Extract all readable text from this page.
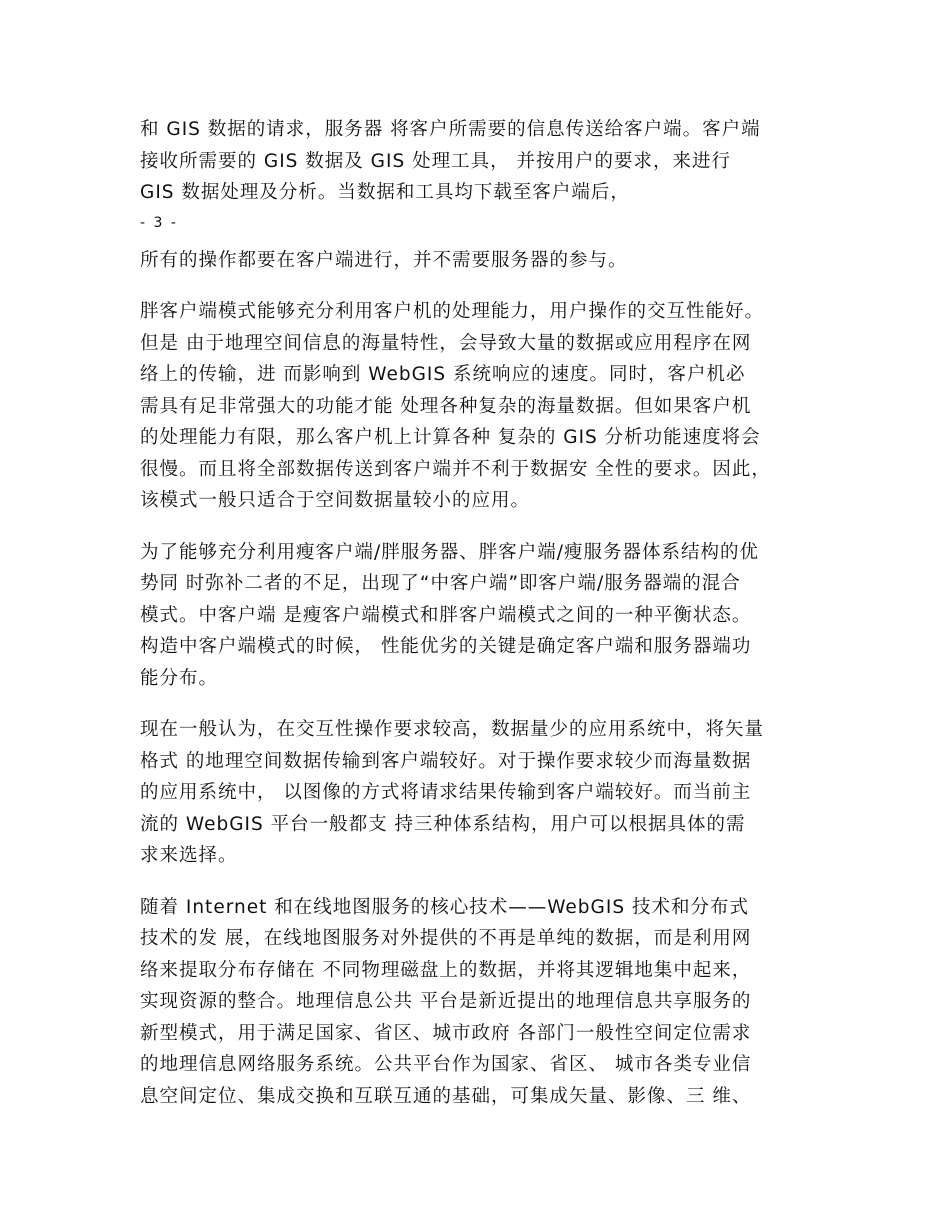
和 GIS 数据的请求，服务器 将客户所需要的信息传送给客户端。客户端
接收所需要的 GIS 数据及 GIS 处理工具， 并按用户的要求，来进行
GIS 数据处理及分析。当数据和工具均下载至客户端后，

- 3 -

所有的操作都要在客户端进行，并不需要服务器的参与。

胖客户端模式能够充分利用客户机的处理能力，用户操作的交互性能好。
但是 由于地理空间信息的海量特性，会导致大量的数据或应用程序在网
络上的传输，进 而影响到 WebGIS 系统响应的速度。同时，客户机必
需具有足非常强大的功能才能 处理各种复杂的海量数据。但如果客户机
的处理能力有限，那么客户机上计算各种 复杂的 GIS 分析功能速度将会
很慢。而且将全部数据传送到客户端并不利于数据安 全性的要求。因此，
该模式一般只适合于空间数据量较小的应用。

为了能够充分利用瘦客户端/胖服务器、胖客户端/瘦服务器体系结构的优
势同 时弥补二者的不足，出现了“中客户端”即客户端/服务器端的混合
模式。中客户端 是瘦客户端模式和胖客户端模式之间的一种平衡状态。
构造中客户端模式的时候， 性能优劣的关键是确定客户端和服务器端功
能分布。

现在一般认为，在交互性操作要求较高，数据量少的应用系统中，将矢量
格式 的地理空间数据传输到客户端较好。对于操作要求较少而海量数据
的应用系统中， 以图像的方式将请求结果传输到客户端较好。而当前主
流的 WebGIS 平台一般都支 持三种体系结构，用户可以根据具体的需
求来选择。

随着 Internet 和在线地图服务的核心技术——WebGIS 技术和分布式
技术的发 展，在线地图服务对外提供的不再是单纯的数据，而是利用网
络来提取分布存储在 不同物理磁盘上的数据，并将其逻辑地集中起来，
实现资源的整合。地理信息公共 平台是新近提出的地理信息共享服务的
新型模式，用于满足国家、省区、城市政府 各部门一般性空间定位需求
的地理信息网络服务系统。公共平台作为国家、省区、 城市各类专业信
息空间定位、集成交换和互联互通的基础，可集成矢量、影像、三 维、
